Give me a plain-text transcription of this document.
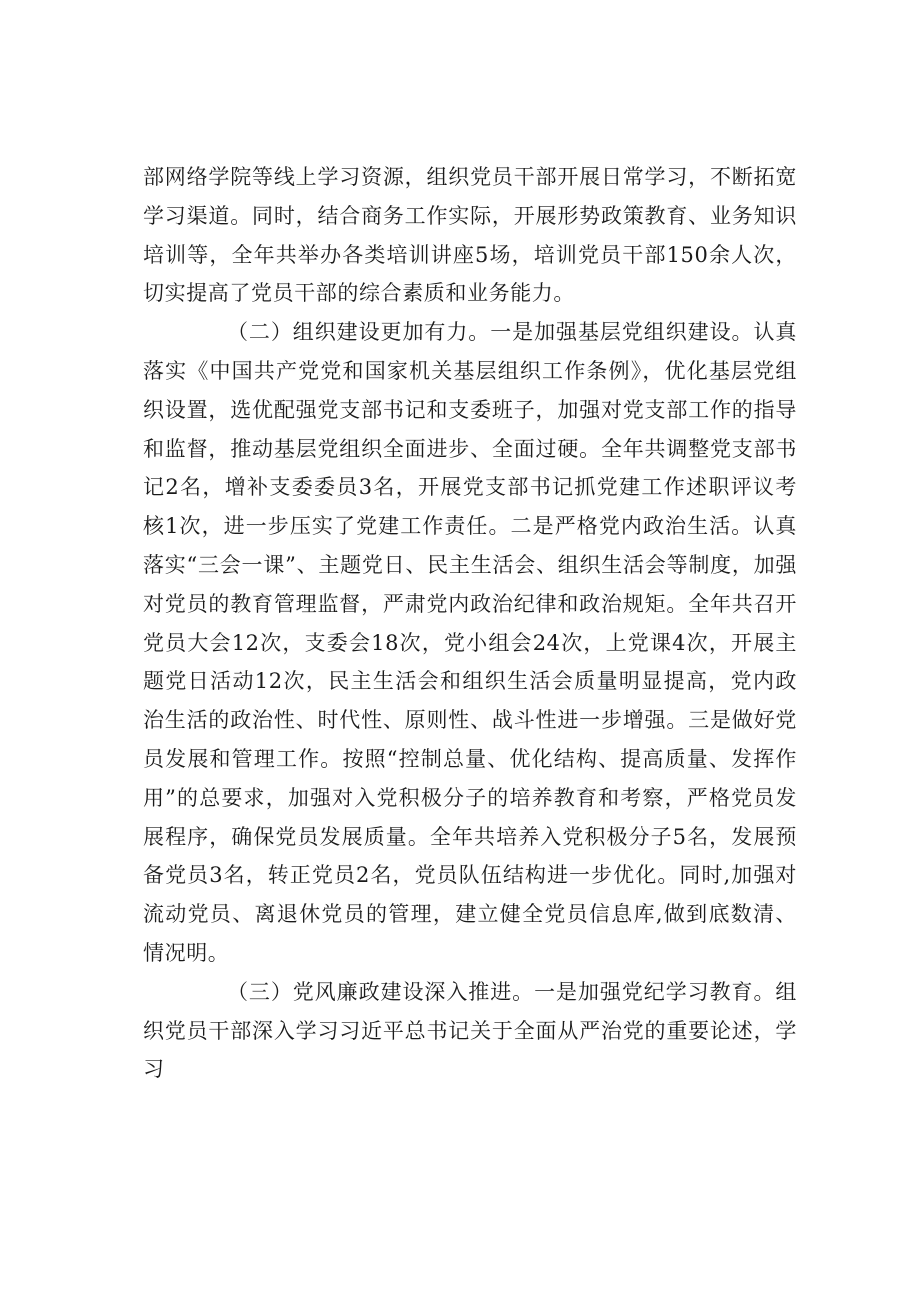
部网络学院等线上学习资源，组织党员干部开展日常学习，不断拓宽学习渠道。同时，结合商务工作实际，开展形势政策教育、业务知识培训等，全年共举办各类培训讲座5场，培训党员干部150余人次，切实提高了党员干部的综合素质和业务能力。

（二）组织建设更加有力。一是加强基层党组织建设。认真落实《中国共产党党和国家机关基层组织工作条例》，优化基层党组织设置，选优配强党支部书记和支委班子，加强对党支部工作的指导和监督，推动基层党组织全面进步、全面过硬。全年共调整党支部书记2名，增补支委委员3名，开展党支部书记抓党建工作述职评议考核1次，进一步压实了党建工作责任。二是严格党内政治生活。认真落实“三会一课”、主题党日、民主生活会、组织生活会等制度，加强对党员的教育管理监督，严肃党内政治纪律和政治规矩。全年共召开党员大会12次，支委会18次，党小组会24次，上党课4次，开展主题党日活动12次，民主生活会和组织生活会质量明显提高，党内政治生活的政治性、时代性、原则性、战斗性进一步增强。三是做好党员发展和管理工作。按照“控制总量、优化结构、提高质量、发挥作用”的总要求，加强对入党积极分子的培养教育和考察，严格党员发展程序，确保党员发展质量。全年共培养入党积极分子5名，发展预备党员3名，转正党员2名，党员队伍结构进一步优化。同时,加强对流动党员、离退休党员的管理，建立健全党员信息库,做到底数清、情况明。

（三）党风廉政建设深入推进。一是加强党纪学习教育。组织党员干部深入学习习近平总书记关于全面从严治党的重要论述，学习
